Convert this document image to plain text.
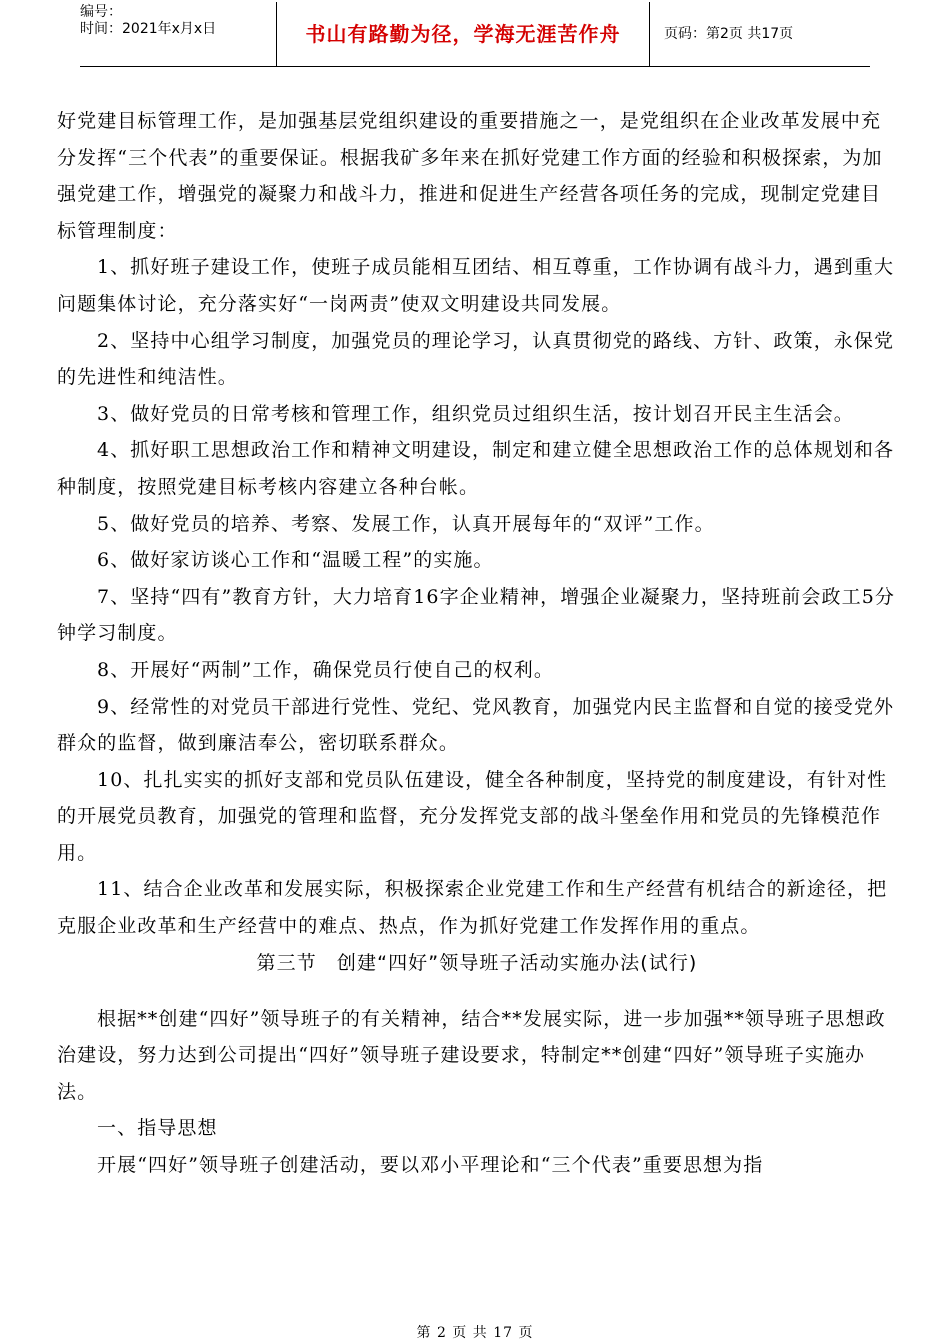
编号：
时间：2021年x月x日	书山有路勤为径，学海无涯苦作舟	页码：第2页 共17页

好党建目标管理工作，是加强基层党组织建设的重要措施之一，是党组织在企业改革发展中充分发挥“三个代表”的重要保证。根据我矿多年来在抓好党建工作方面的经验和积极探索，为加强党建工作，增强党的凝聚力和战斗力，推进和促进生产经营各项任务的完成，现制定党建目标管理制度：

1、抓好班子建设工作，使班子成员能相互团结、相互尊重，工作协调有战斗力，遇到重大问题集体讨论，充分落实好“一岗两责”使双文明建设共同发展。

2、坚持中心组学习制度，加强党员的理论学习，认真贯彻党的路线、方针、政策，永保党的先进性和纯洁性。

3、做好党员的日常考核和管理工作，组织党员过组织生活，按计划召开民主生活会。

4、抓好职工思想政治工作和精神文明建设，制定和建立健全思想政治工作的总体规划和各种制度，按照党建目标考核内容建立各种台帐。

5、做好党员的培养、考察、发展工作，认真开展每年的“双评”工作。

6、做好家访谈心工作和“温暖工程”的实施。

7、坚持“四有”教育方针，大力培育16字企业精神，增强企业凝聚力，坚持班前会政工5分钟学习制度。

8、开展好“两制”工作，确保党员行使自己的权利。

9、经常性的对党员干部进行党性、党纪、党风教育，加强党内民主监督和自觉的接受党外群众的监督，做到廉洁奉公，密切联系群众。

10、扎扎实实的抓好支部和党员队伍建设，健全各种制度，坚持党的制度建设，有针对性的开展党员教育，加强党的管理和监督，充分发挥党支部的战斗堡垒作用和党员的先锋模范作用。

11、结合企业改革和发展实际，积极探索企业党建工作和生产经营有机结合的新途径，把克服企业改革和生产经营中的难点、热点，作为抓好党建工作发挥作用的重点。

第三节　创建“四好”领导班子活动实施办法(试行)

根据**创建“四好”领导班子的有关精神，结合**发展实际，进一步加强**领导班子思想政治建设，努力达到公司提出“四好”领导班子建设要求，特制定**创建“四好”领导班子实施办法。

一、指导思想

开展“四好”领导班子创建活动，要以邓小平理论和“三个代表”重要思想为指

第 2 页 共 17 页
